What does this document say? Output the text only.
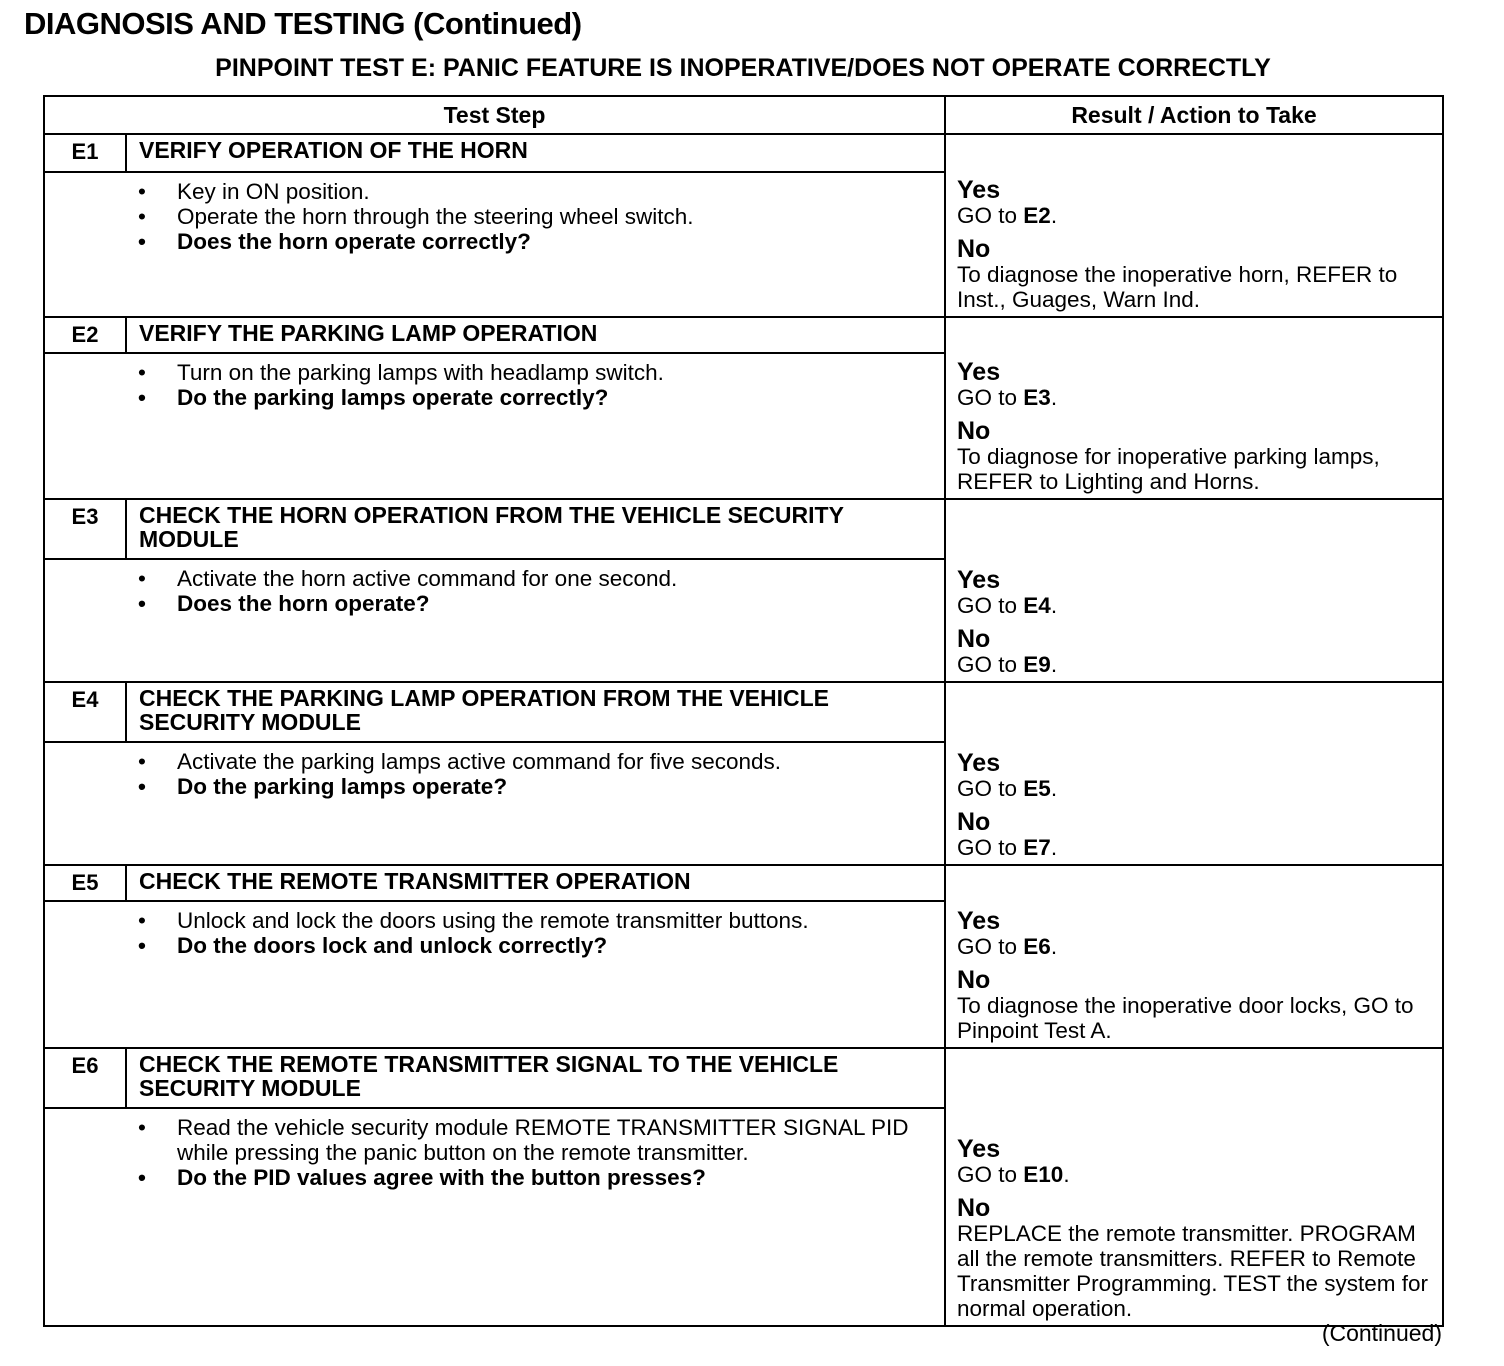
DIAGNOSIS AND TESTING (Continued)
PINPOINT TEST E: PANIC FEATURE IS INOPERATIVE/DOES NOT OPERATE CORRECTLY
Test Step	Result / Action to Take
E1	VERIFY OPERATION OF THE HORN
• Key in ON position.
• Operate the horn through the steering wheel switch.
• Does the horn operate correctly?
Yes
GO to E2.
No
To diagnose the inoperative horn, REFER to Inst., Guages, Warn Ind.
E2	VERIFY THE PARKING LAMP OPERATION
• Turn on the parking lamps with headlamp switch.
• Do the parking lamps operate correctly?
Yes
GO to E3.
No
To diagnose for inoperative parking lamps, REFER to Lighting and Horns.
E3	CHECK THE HORN OPERATION FROM THE VEHICLE SECURITY MODULE
• Activate the horn active command for one second.
• Does the horn operate?
Yes
GO to E4.
No
GO to E9.
E4	CHECK THE PARKING LAMP OPERATION FROM THE VEHICLE SECURITY MODULE
• Activate the parking lamps active command for five seconds.
• Do the parking lamps operate?
Yes
GO to E5.
No
GO to E7.
E5	CHECK THE REMOTE TRANSMITTER OPERATION
• Unlock and lock the doors using the remote transmitter buttons.
• Do the doors lock and unlock correctly?
Yes
GO to E6.
No
To diagnose the inoperative door locks, GO to Pinpoint Test A.
E6	CHECK THE REMOTE TRANSMITTER SIGNAL TO THE VEHICLE SECURITY MODULE
• Read the vehicle security module REMOTE TRANSMITTER SIGNAL PID while pressing the panic button on the remote transmitter.
• Do the PID values agree with the button presses?
Yes
GO to E10.
No
REPLACE the remote transmitter. PROGRAM all the remote transmitters. REFER to Remote Transmitter Programming. TEST the system for normal operation.
(Continued)
